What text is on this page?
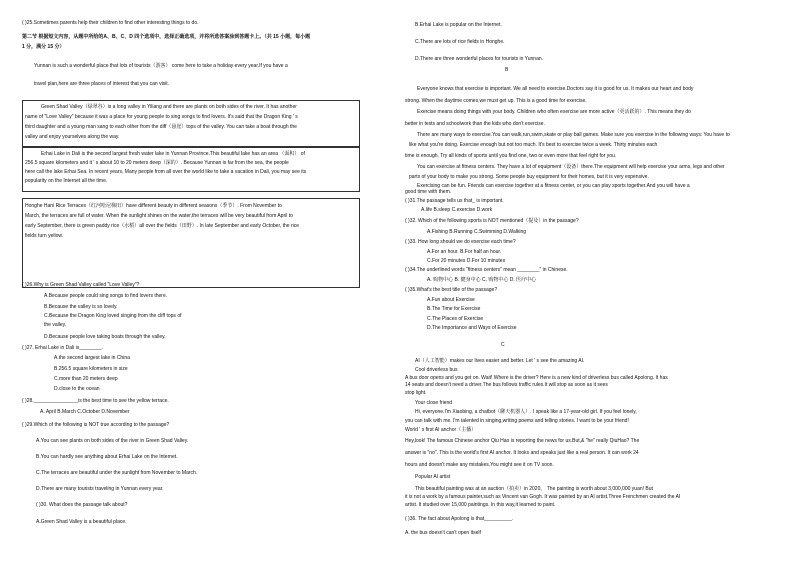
( )25.Sometimes parents help their children to find other interesting things to do.
第二节 根据短文内容，从题中所给的A、B、C、D 四个选项中，选择正确选项，并将所选答案涂到答题卡上。（共 15 小题，每小题
1 分，满分 15 分）
Yunnan is such a wonderful place that lots of tourists（游客） come here to take a holiday every year.If you have a
travel plan,here are three places of interest that you can visit.
Green Shad Valley（绿翠谷）is a long valley in Yiliang and there are plants on both sides of the river. It has another
name of "Love Valley" because it was a place for young people to sing songs to find lovers. It's said that the Dragon King ' s
third daughter and a young man sang to each other from the diff（悬崖）tops of the valley. You can take a boat through the
valley and enjoy yourselves along the way.
Erhai Lake in Dali is the second largest fresh water lake in Yunnan Province.This beautiful lake has an area （面积） of
256.5 square kilometers and it ' s about 10 to 20 meters deep（深的）. Because Yunnan is far from the sea, the people
here call the lake Erhai Sea. In recent years, Many people from all over the world like to take a vacation in Dali, you may see its
popularity on the Internet all the time.
Honghe Hani Rice Terraces（红河哈尼梯田）have different beauty in different seasons（季节）. From November to
March, the terraces are full of water. When the sunlight shines on the water,the terraces will be very beautiful from April to
early September, there is green paddy rice（水稻）all over the fields（田野）. In late September and early October, the rice
fields turn yellow.
( )26.Why is Green Shad Valley called "Love Valley"?
A.Because people could sing songs to find lovers there.
B.Because the valley is so lovely.
C.Because the Dragon King loved singing from the cliff tops of
the valley.
D.Because people love taking boats through the valley.
( )27. Erhai Lake in Dali is________.
A.the second largest lake in China
B.256.5 square kilometers in size
C.more than 20 meters deep
D.close to the ocean
( )28.________________is the best time to see the yellow terrace.
A. April B.March C.October D.November
( )29.Which of the following is NOT true according to the passage?
A.You can see plants on both sides of the river in Green Shad Valley.
B.You can hardly see anything about Erhai Lake on the Internet.
C.The terraces are beautiful under the sunlight from November to March.
D.There are many tourists traveling in Yunnan every year.
( )30. What does the passage talk about?
A.Green Shad Valley is a beautiful place.
B.Erhai Lake is popular on the Internet.
C.There are lots of rice fields in Honghe.
D.There are three wonderful places for tourists in Yunnan.
B
Everyone knows that exercise is important. We all need to exercise.Doctors say it is good for us. It makes our heart and body
strong. When the daytime comes,we must get up. This is a good time for exercise.
Exercise means doing things with your body. Children who often exercise are more active（更活跃的）. This means they do
better in tests and schoolwork than the kids who don't exercise.
There are many ways to exercise.You can walk,run,swim,skate or play ball games. Make sure you exercise in the following ways: You have to
like what you're doing. Exercise enough but not too much. It's best to exercise twice a week. Thirty minutes each
time is enough. Try all kinds of sports until you find one, two or even more that feel right for you.
You can exercise at fitness centers. They have a lot of equipment（设备）there.The equipment will help exercise your arms, legs and other
parts of your body to make you strong. Some people buy equipment for their homes, but it is very expensive.
Exercising can be fun. Friends can exercise together at a fitness center, or you can play sports together.And you will have a
good time with them.
( )31.The passage tells us that_ is important.
A.life B.sleep C.exercise D.work
( )32. Which of the following sports is NOT mentioned（提及）in the passage?
A.Fishing B.Running C.Swimming D.Walking
( )33. How long should we do exercise each time?
A.For an hour. B.For half an hour.
C.For 20 minutes D.For 10 minutes
( )34.The underlined words "fitness centers" mean ________" in Chinese.
A. 购物中心 B. 健身中心 C. 购物中心 D. 医疗中心
( )35.What's the best title of the passage?
A.Fun about Exercise
B.The Time for Exercise
C.The Places of Exercise
D.The Importance and Ways of Exercise
C
AI（人工智能）makes our lives easier and better. Let ' s see the amazing AI.
Cool driverless bus
A bus door opens and you get on. Wait! Where is the driver? Here is a new kind of driverless bus called Apolong. It has
14 seats and doesn't need a driver.The bus follows traffic rules.It will stop as soon as it sees
stop light.
Your close friend
Hi, everyone.I'm Xiaobing, a chatbot（聊天机器人）. I speak like a 17-year-old girl. If you feel lonely,
you can talk with me. I'm talented in singing,writing poems and telling stories. I want to be your friend!
World ' s first AI anchor（主播）
Hey,look! The famous Chinese anchor Qiu Hao is reporting the news for us.But,& "he" really QiuHao? The
answer is "no". This is the world's first AI anchor. It looks and speaks just like a real person. It can work 24
hours and doesn't make any mistakes.You might see it on TV soon.
Popular AI artist
This beautiful painting was at an auction（拍卖）in 2020。 The painting is worth about 3,000,000 yuan! But
it is not a work by a famous painter,such as Vincent van Gogh. It was painted by an AI artist.Three Frenchmen created the AI
artist. It studied over 15,000 paintings. In this way,it learned to paint.
( )36. The fact about Apolong is that__________.
A. the bus doesn't can't open itself
